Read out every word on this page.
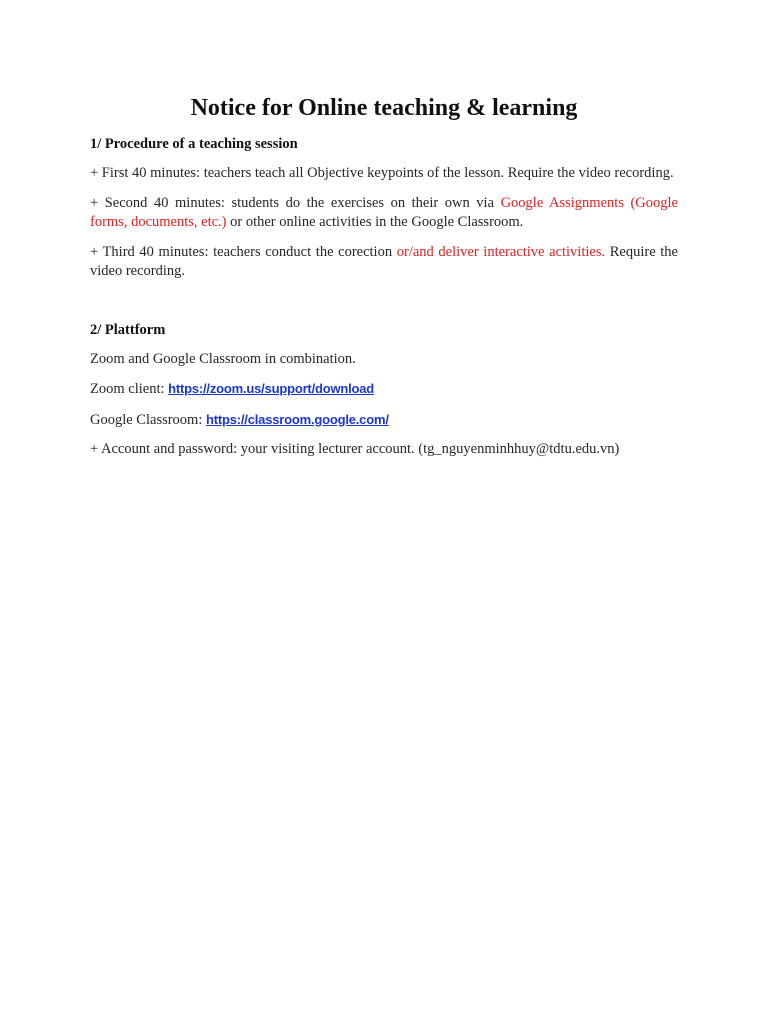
Notice for Online teaching & learning
1/ Procedure of a teaching session
+ First 40 minutes: teachers teach all Objective keypoints of the lesson. Require the video recording.
+ Second 40 minutes: students do the exercises on their own via Google Assignments (Google forms, documents, etc.) or other online activities in the Google Classroom.
+ Third 40 minutes: teachers conduct the corection or/and deliver interactive activities. Require the video recording.
2/ Plattform
Zoom and Google Classroom in combination.
Zoom client: https://zoom.us/support/download
Google Classroom: https://classroom.google.com/
+ Account and password: your visiting lecturer account. (tg_nguyenminhhuy@tdtu.edu.vn)
